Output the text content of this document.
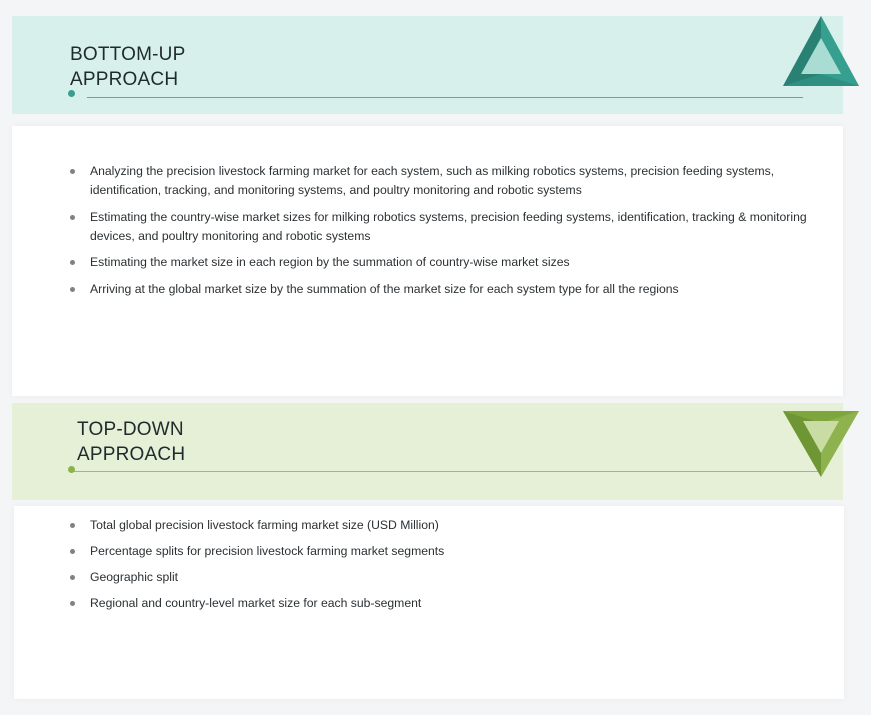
BOTTOM-UP
APPROACH
Analyzing the precision livestock farming market for each system, such as milking robotics systems, precision feeding systems, identification, tracking, and monitoring systems, and poultry monitoring and robotic systems
Estimating the country-wise market sizes for milking robotics systems, precision feeding systems, identification, tracking & monitoring devices, and poultry monitoring and robotic systems
Estimating the market size in each region by the summation of country-wise market sizes
Arriving at the global market size by the summation of the market size for each system type for all the regions
TOP-DOWN
APPROACH
Total global precision livestock farming market size (USD Million)
Percentage splits for precision livestock farming market segments
Geographic split
Regional and country-level market size for each sub-segment
